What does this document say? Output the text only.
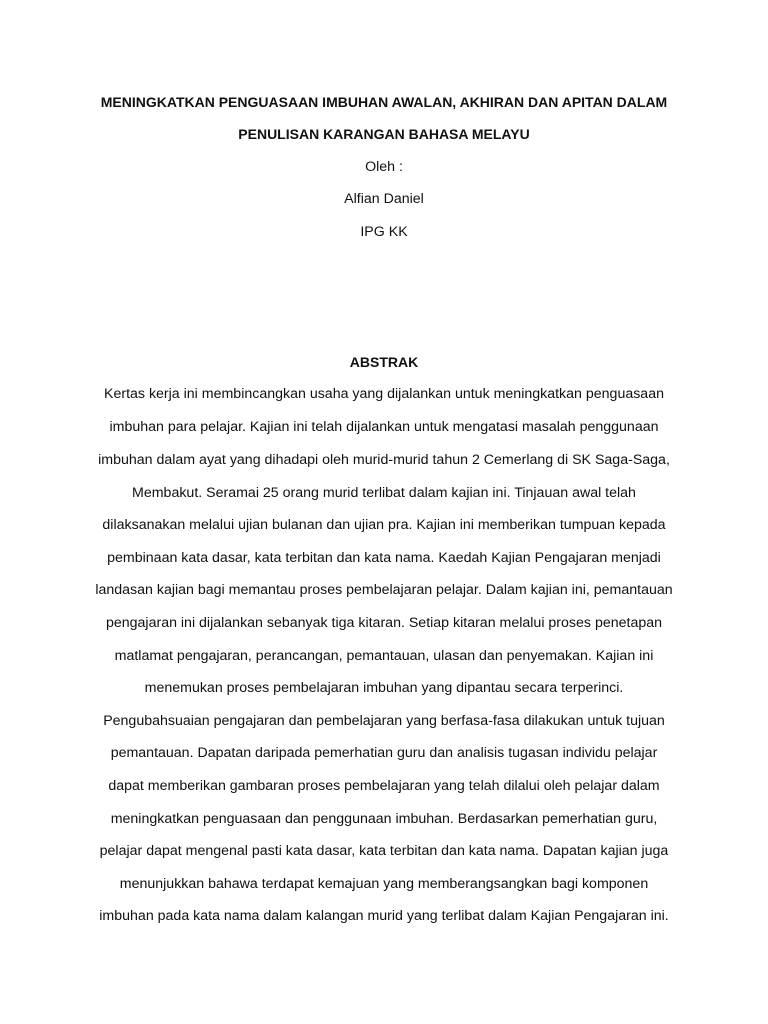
MENINGKATKAN PENGUASAAN IMBUHAN AWALAN, AKHIRAN DAN APITAN DALAM
PENULISAN KARANGAN BAHASA MELAYU
Oleh :
Alfian Daniel
IPG KK
ABSTRAK
Kertas kerja ini membincangkan usaha yang dijalankan untuk meningkatkan penguasaan
imbuhan para pelajar. Kajian ini telah dijalankan untuk mengatasi masalah penggunaan
imbuhan dalam ayat yang dihadapi oleh murid-murid tahun 2 Cemerlang di SK Saga-Saga,
Membakut. Seramai 25 orang murid terlibat dalam kajian ini. Tinjauan awal telah
dilaksanakan melalui ujian bulanan dan ujian pra. Kajian ini memberikan tumpuan kepada
pembinaan kata dasar, kata terbitan dan kata nama. Kaedah Kajian Pengajaran menjadi
landasan kajian bagi memantau proses pembelajaran pelajar. Dalam kajian ini, pemantauan
pengajaran ini dijalankan sebanyak tiga kitaran. Setiap kitaran melalui proses penetapan
matlamat pengajaran, perancangan, pemantauan, ulasan dan penyemakan. Kajian ini
menemukan proses pembelajaran imbuhan yang dipantau secara terperinci.
Pengubahsuaian pengajaran dan pembelajaran yang berfasa-fasa dilakukan untuk tujuan
pemantauan. Dapatan daripada pemerhatian guru dan analisis tugasan individu pelajar
dapat memberikan gambaran proses pembelajaran yang telah dilalui oleh pelajar dalam
meningkatkan penguasaan dan penggunaan imbuhan. Berdasarkan pemerhatian guru,
pelajar dapat mengenal pasti kata dasar, kata terbitan dan kata nama. Dapatan kajian juga
menunjukkan bahawa terdapat kemajuan yang memberangsangkan bagi komponen
imbuhan pada kata nama dalam kalangan murid yang terlibat dalam Kajian Pengajaran ini.
